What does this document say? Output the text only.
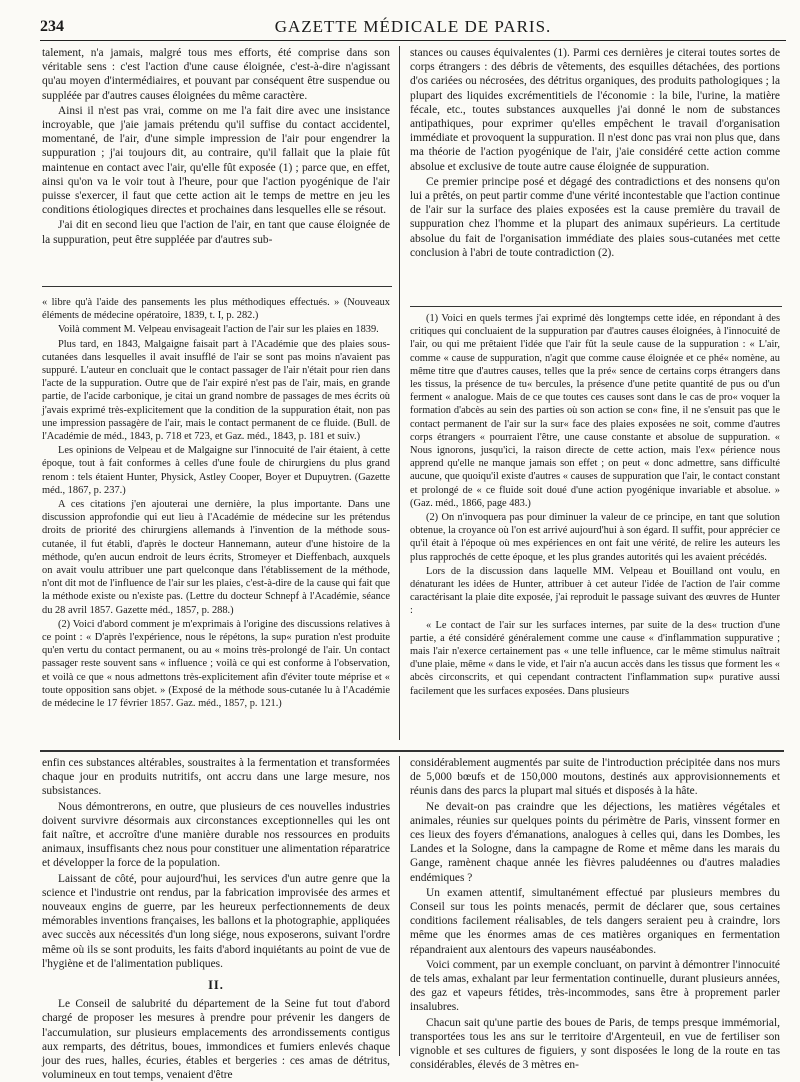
234	GAZETTE MÉDICALE DE PARIS.

talement, n'a jamais, malgré tous mes efforts, été comprise dans son véritable sens : c'est l'action d'une cause éloignée, c'est-à-dire n'agissant qu'au moyen d'intermédiaires, et pouvant par conséquent être suspendue ou suppléée par d'autres causes éloignées du même caractère.

Ainsi il n'est pas vrai, comme on me l'a fait dire avec une insistance incroyable, que j'aie jamais prétendu qu'il suffise du contact accidentel, momentané, de l'air, d'une simple impression de l'air pour engendrer la suppuration ; j'ai toujours dit, au contraire, qu'il fallait que la plaie fût maintenue en contact avec l'air, qu'elle fût exposée (1) ; parce que, en effet, ainsi qu'on va le voir tout à l'heure, pour que l'action pyogénique de l'air puisse s'exercer, il faut que cette action ait le temps de mettre en jeu les conditions étiologiques directes et prochaines dans lesquelles elle se résout.

J'ai dit en second lieu que l'action de l'air, en tant que cause éloignée de la suppuration, peut être suppléée par d'autres sub-

stances ou causes équivalentes (1). Parmi ces dernières je citerai toutes sortes de corps étrangers : des débris de vêtements, des esquilles détachées, des portions d'os cariées ou nécrosées, des détritus organiques, des produits pathologiques ; la plupart des liquides excrémentitiels de l'économie : la bile, l'urine, la matière fécale, etc., toutes substances auxquelles j'ai donné le nom de substances antipathiques, pour exprimer qu'elles empêchent le travail d'organisation immédiate et provoquent la suppuration. Il n'est donc pas vrai non plus que, dans ma théorie de l'action pyogénique de l'air, j'aie considéré cette action comme absolue et exclusive de toute autre cause éloignée de suppuration.

Ce premier principe posé et dégagé des contradictions et des nonsens qu'on lui a prêtés, on peut partir comme d'une vérité incontestable que l'action continue de l'air sur la surface des plaies exposées est la cause première du travail de suppuration chez l'homme et la plupart des animaux supérieurs. La certitude absolue du fait de l'organisation immédiate des plaies sous-cutanées met cette conclusion à l'abri de toute contradiction (2).

« libre qu'à l'aide des pansements les plus méthodiques effectués. » (Nouveaux éléments de médecine opératoire, 1839, t. I, p. 282.)

Voilà comment M. Velpeau envisageait l'action de l'air sur les plaies en 1839.

Plus tard, en 1843, Malgaigne faisait part à l'Académie que des plaies sous-cutanées dans lesquelles il avait insufflé de l'air se sont pas moins n'avaient pas suppuré. L'auteur en concluait que le contact passager de l'air n'était pour rien dans l'acte de la suppuration. Outre que de l'air expiré n'est pas de l'air, mais, en grande partie, de l'acide carbonique, je citai un grand nombre de passages de mes écrits où j'avais exprimé très-explicitement que la condition de la suppuration était, non pas une impression passagère de l'air, mais le contact permanent de ce fluide. (Bull. de l'Académie de méd., 1843, p. 718 et 723, et Gaz. méd., 1843, p. 181 et suiv.)

Les opinions de Velpeau et de Malgaigne sur l'innocuité de l'air étaient, à cette époque, tout à fait conformes à celles d'une foule de chirurgiens du plus grand renom : tels étaient Hunter, Physick, Astley Cooper, Boyer et Dupuytren. (Gazette méd., 1867, p. 237.)

A ces citations j'en ajouterai une dernière, la plus importante. Dans une discussion approfondie qui eut lieu à l'Académie de médecine sur les prétendus droits de priorité des chirurgiens allemands à l'invention de la méthode sous-cutanée, il fut établi, d'après le docteur Hannemann, auteur d'une histoire de la méthode, qu'en aucun endroit de leurs écrits, Stromeyer et Dieffenbach, auxquels on avait voulu attribuer une part quelconque dans l'établissement de la méthode, n'ont dit mot de l'influence de l'air sur les plaies, c'est-à-dire de la cause qui fait que la méthode existe ou n'existe pas. (Lettre du docteur Schnepf à l'Académie, séance du 28 avril 1857. Gazette méd., 1857, p. 288.)

(2) Voici d'abord comment je m'exprimais à l'origine des discussions relatives à ce point : « D'après l'expérience, nous le répétons, la sup« puration n'est produite qu'en vertu du contact permanent, ou au « moins très-prolongé de l'air. Un contact passager reste souvent sans « influence ; voilà ce qui est conforme à l'observation, et voilà ce que « nous admettons très-explicitement afin d'éviter toute méprise et « toute opposition sans objet. » (Exposé de la méthode sous-cutanée lu à l'Académie de médecine le 17 février 1857. Gaz. méd., 1857, p. 121.)

(1) Voici en quels termes j'ai exprimé dès longtemps cette idée, en répondant à des critiques qui concluaient de la suppuration par d'autres causes éloignées, à l'innocuité de l'air, ou qui me prêtaient l'idée que l'air fût la seule cause de la suppuration : « L'air, comme « cause de suppuration, n'agit que comme cause éloignée et ce phé« nomène, au même titre que d'autres causes, telles que la pré« sence de certains corps étrangers dans les tissus, la présence de tu« bercules, la présence d'une petite quantité de pus ou d'un ferment « analogue. Mais de ce que toutes ces causes sont dans le cas de pro« voquer la formation d'abcès au sein des parties où son action se con« fine, il ne s'ensuit pas que le contact permanent de l'air sur la sur« face des plaies exposées ne soit, comme d'autres corps étrangers « pourraient l'être, une cause constante et absolue de suppuration. « Nous ignorons, jusqu'ici, la raison directe de cette action, mais l'ex« périence nous apprend qu'elle ne manque jamais son effet ; on peut « donc admettre, sans difficulté aucune, que quoiqu'il existe d'autres « causes de suppuration que l'air, le contact constant et prolongé de « ce fluide soit doué d'une action pyogénique invariable et absolue. » (Gaz. méd., 1866, page 483.)

(2) On n'invoquera pas pour diminuer la valeur de ce principe, en tant que solution obtenue, la croyance où l'on est arrivé aujourd'hui à son égard. Il suffit, pour apprécier ce qu'il était à l'époque où mes expériences en ont fait une vérité, de relire les auteurs les plus rapprochés de cette époque, et les plus grandes autorités qui les avaient précédés.

Lors de la discussion dans laquelle MM. Velpeau et Bouilland ont voulu, en dénaturant les idées de Hunter, attribuer à cet auteur l'idée de l'action de l'air comme caractérisant la plaie dite exposée, j'ai reproduit le passage suivant des œuvres de Hunter :

« Le contact de l'air sur les surfaces internes, par suite de la des« truction d'une partie, a été considéré généralement comme une cause « d'inflammation suppurative ; mais l'air n'exerce certainement pas « une telle influence, car le même stimulus naîtrait d'une plaie, même « dans le vide, et l'air n'a aucun accès dans les tissus que forment les « abcès circonscrits, et qui cependant contractent l'inflammation sup« purative aussi facilement que les surfaces exposées. Dans plusieurs

enfin ces substances altérables, soustraites à la fermentation et transformées chaque jour en produits nutritifs, ont accru dans une large mesure, nos subsistances.

Nous démontrerons, en outre, que plusieurs de ces nouvelles industries doivent survivre désormais aux circonstances exceptionnelles qui les ont fait naître, et accroître d'une manière durable nos ressources en produits animaux, insuffisants chez nous pour constituer une alimentation réparatrice et développer la force de la population.

Laissant de côté, pour aujourd'hui, les services d'un autre genre que la science et l'industrie ont rendus, par la fabrication improvisée des armes et nouveaux engins de guerre, par les heureux perfectionnements de deux mémorables inventions françaises, les ballons et la photographie, appliquées avec succès aux nécessités d'un long siége, nous exposerons, suivant l'ordre même où ils se sont produits, les faits d'abord inquiétants au point de vue de l'hygiène et de l'alimentation publiques.

II.

Le Conseil de salubrité du département de la Seine fut tout d'abord chargé de proposer les mesures à prendre pour prévenir les dangers de l'accumulation, sur plusieurs emplacements des arrondissements contigus aux remparts, des détritus, boues, immondices et fumiers enlevés chaque jour des rues, halles, écuries, étables et bergeries : ces amas de détritus, volumineux en tout temps, venaient d'être

considérablement augmentés par suite de l'introduction précipitée dans nos murs de 5,000 bœufs et de 150,000 moutons, destinés aux approvisionnements et réunis dans des parcs la plupart mal situés et disposés à la hâte.

Ne devait-on pas craindre que les déjections, les matières végétales et animales, réunies sur quelques points du périmètre de Paris, vinssent former en ces lieux des foyers d'émanations, analogues à celles qui, dans les Dombes, les Landes et la Sologne, dans la campagne de Rome et même dans les marais du Gange, ramènent chaque année les fièvres paludéennes ou d'autres maladies endémiques ?

Un examen attentif, simultanément effectué par plusieurs membres du Conseil sur tous les points menacés, permit de déclarer que, sous certaines conditions facilement réalisables, de tels dangers seraient peu à craindre, lors même que les énormes amas de ces matières organiques en fermentation répandraient aux alentours des vapeurs nauséabondes.

Voici comment, par un exemple concluant, on parvint à démontrer l'innocuité de tels amas, exhalant par leur fermentation continuelle, durant plusieurs années, des gaz et vapeurs fétides, très-incommodes, sans être à proprement parler insalubres.

Chacun sait qu'une partie des boues de Paris, de temps presque immémorial, transportées tous les ans sur le territoire d'Argenteuil, en vue de fertiliser son vignoble et ses cultures de figuiers, y sont disposées le long de la route en tas considérables, élevés de 3 mètres en-
